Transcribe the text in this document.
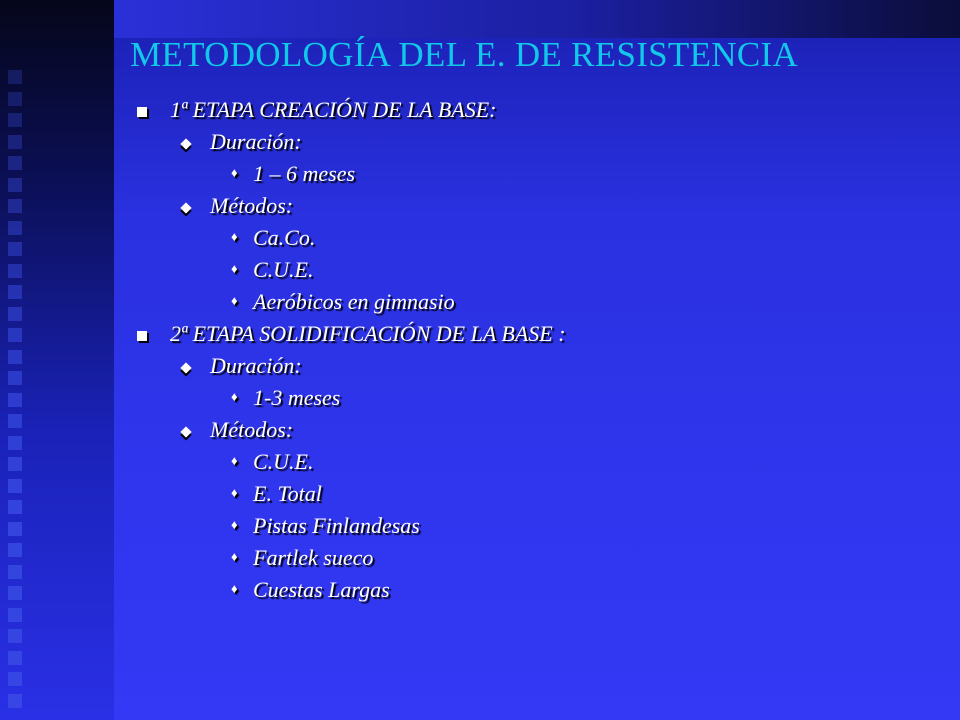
METODOLOGÍA DEL E. DE RESISTENCIA
1ª ETAPA CREACIÓN DE LA BASE:
Duración:
♦ 1 – 6 meses
Métodos:
♦ Ca.Co.
♦ C.U.E.
♦ Aeróbicos en gimnasio
2ª ETAPA SOLIDIFICACIÓN DE LA BASE :
Duración:
♦ 1-3 meses
Métodos:
♦ C.U.E.
♦ E. Total
♦ Pistas Finlandesas
♦ Fartlek sueco
♦ Cuestas Largas
